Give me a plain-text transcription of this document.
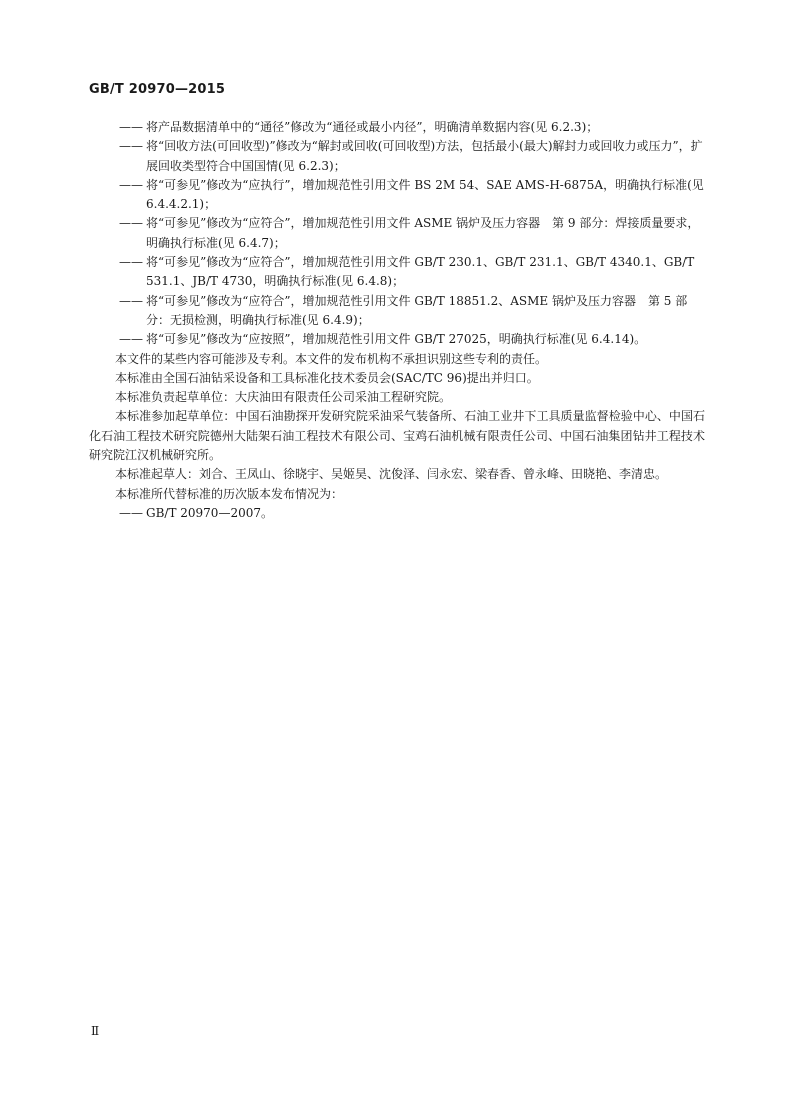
GB/T 20970—2015
—— 将产品数据清单中的“通径”修改为“通径或最小内径”，明确清单数据内容(见 6.2.3)；
—— 将“回收方法(可回收型)”修改为“解封或回收(可回收型)方法，包括最小(最大)解封力或回收力或压力”，扩展回收类型符合中国国情(见 6.2.3)；
—— 将“可参见”修改为“应执行”，增加规范性引用文件 BS 2M 54、SAE AMS-H-6875A，明确执行标准(见 6.4.4.2.1)；
—— 将“可参见”修改为“应符合”，增加规范性引用文件 ASME 锅炉及压力容器　第 9 部分：焊接质量要求，明确执行标准(见 6.4.7)；
—— 将“可参见”修改为“应符合”，增加规范性引用文件 GB/T 230.1、GB/T 231.1、GB/T 4340.1、GB/T 531.1、JB/T 4730，明确执行标准(见 6.4.8)；
—— 将“可参见”修改为“应符合”，增加规范性引用文件 GB/T 18851.2、ASME 锅炉及压力容器　第 5 部分：无损检测，明确执行标准(见 6.4.9)；
—— 将“可参见”修改为“应按照”，增加规范性引用文件 GB/T 27025，明确执行标准(见 6.4.14)。
本文件的某些内容可能涉及专利。本文件的发布机构不承担识别这些专利的责任。
本标准由全国石油钻采设备和工具标准化技术委员会(SAC/TC 96)提出并归口。
本标准负责起草单位：大庆油田有限责任公司采油工程研究院。
本标准参加起草单位：中国石油勘探开发研究院采油采气装备所、石油工业井下工具质量监督检验中心、中国石化石油工程技术研究院德州大陆架石油工程技术有限公司、宝鸡石油机械有限责任公司、中国石油集团钻井工程技术研究院江汉机械研究所。
本标准起草人：刘合、王凤山、徐晓宇、吴姬昊、沈俊泽、闫永宏、梁春香、曾永峰、田晓艳、李清忠。
本标准所代替标准的历次版本发布情况为：
—— GB/T 20970—2007。
Ⅱ
